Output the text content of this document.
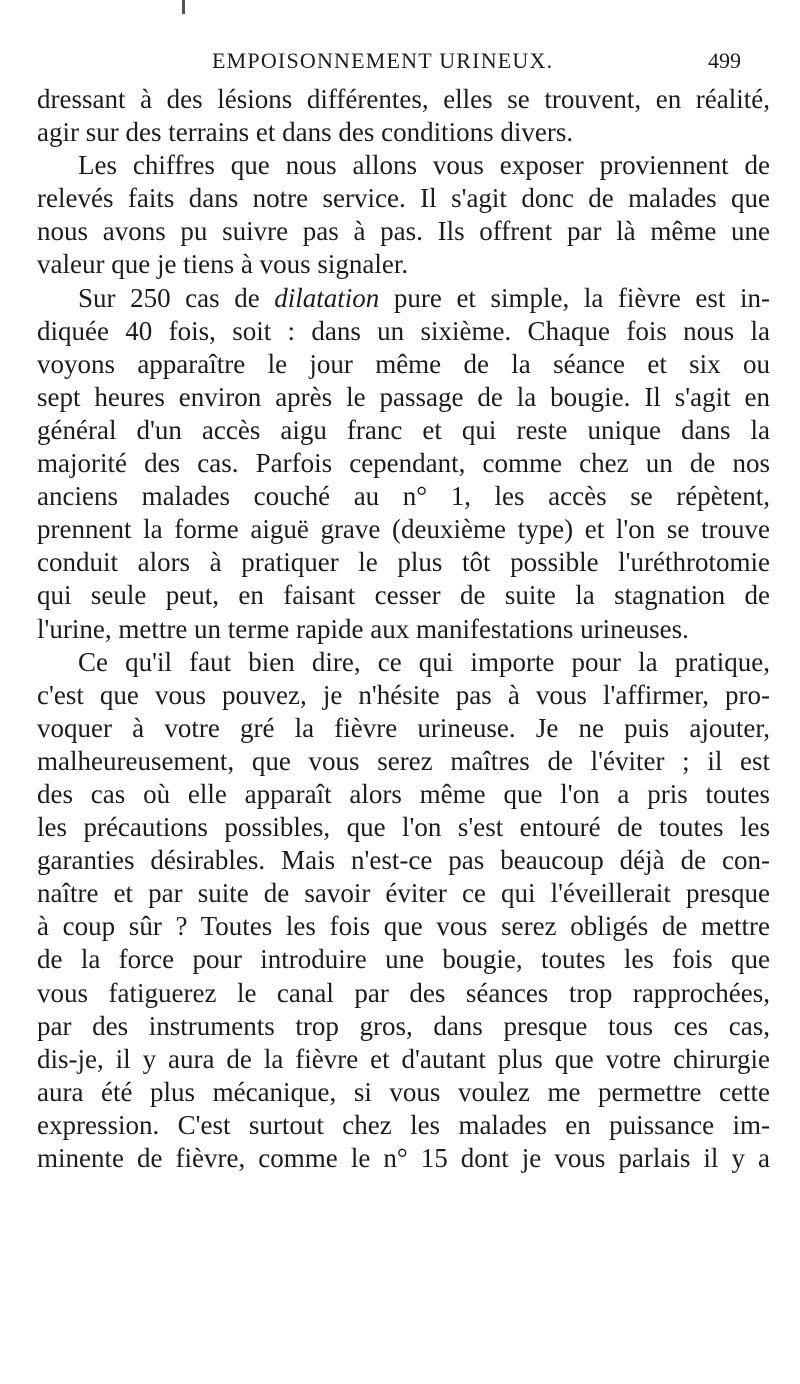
EMPOISONNEMENT URINEUX.	499
dressant à des lésions différentes, elles se trouvent, en réalité,
agir sur des terrains et dans des conditions divers.
Les chiffres que nous allons vous exposer proviennent de
relevés faits dans notre service. Il s'agit donc de malades que
nous avons pu suivre pas à pas. Ils offrent par là même une
valeur que je tiens à vous signaler.
Sur 250 cas de dilatation pure et simple, la fièvre est in-
diquée 40 fois, soit : dans un sixième. Chaque fois nous la
voyons apparaître le jour même de la séance et six ou
sept heures environ après le passage de la bougie. Il s'agit en
général d'un accès aigu franc et qui reste unique dans la
majorité des cas. Parfois cependant, comme chez un de nos
anciens malades couché au n° 1, les accès se répètent,
prennent la forme aiguë grave (deuxième type) et l'on se trouve
conduit alors à pratiquer le plus tôt possible l'uréthrotomie
qui seule peut, en faisant cesser de suite la stagnation de
l'urine, mettre un terme rapide aux manifestations urineuses.
Ce qu'il faut bien dire, ce qui importe pour la pratique,
c'est que vous pouvez, je n'hésite pas à vous l'affirmer, pro-
voquer à votre gré la fièvre urineuse. Je ne puis ajouter,
malheureusement, que vous serez maîtres de l'éviter ; il est
des cas où elle apparaît alors même que l'on a pris toutes
les précautions possibles, que l'on s'est entouré de toutes les
garanties désirables. Mais n'est-ce pas beaucoup déjà de con-
naître et par suite de savoir éviter ce qui l'éveillerait presque
à coup sûr ? Toutes les fois que vous serez obligés de mettre
de la force pour introduire une bougie, toutes les fois que
vous fatiguerez le canal par des séances trop rapprochées,
par des instruments trop gros, dans presque tous ces cas,
dis-je, il y aura de la fièvre et d'autant plus que votre chirurgie
aura été plus mécanique, si vous voulez me permettre cette
expression. C'est surtout chez les malades en puissance im-
minente de fièvre, comme le n° 15 dont je vous parlais il y a
